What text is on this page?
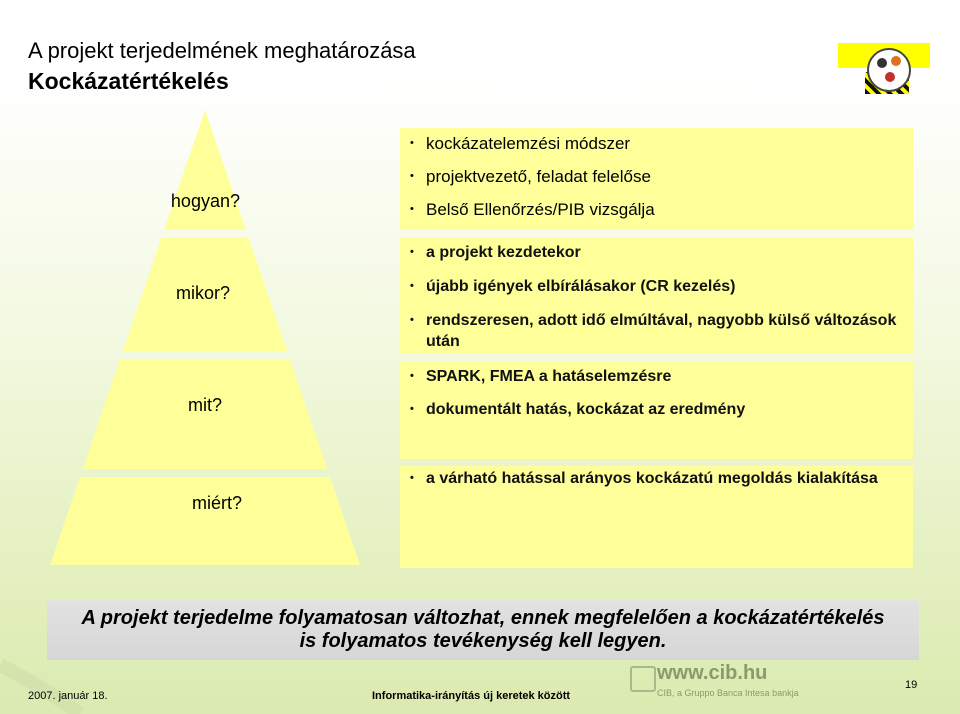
A projekt terjedelmének meghatározása
Kockázatértékelés
hogyan?
mikor?
mit?
miért?
• kockázatelemzési módszer
• projektvezető, feladat felelőse
• Belső Ellenőrzés/PIB vizsgálja
• a projekt kezdetekor
• újabb igények elbírálásakor (CR kezelés)
• rendszeresen, adott idő elmúltával, nagyobb külső változások után
• SPARK, FMEA a hatáselemzésre
• dokumentált hatás, kockázat az eredmény
• a várható hatással arányos kockázatú megoldás kialakítása
A projekt terjedelme folyamatosan változhat, ennek megfelelően a kockázatértékelés
is folyamatos tevékenység kell legyen.
2007. január 18.	Informatika-irányítás új keretek között
www.cib.hu
CIB, a Gruppo Banca Intesa bankja
19
